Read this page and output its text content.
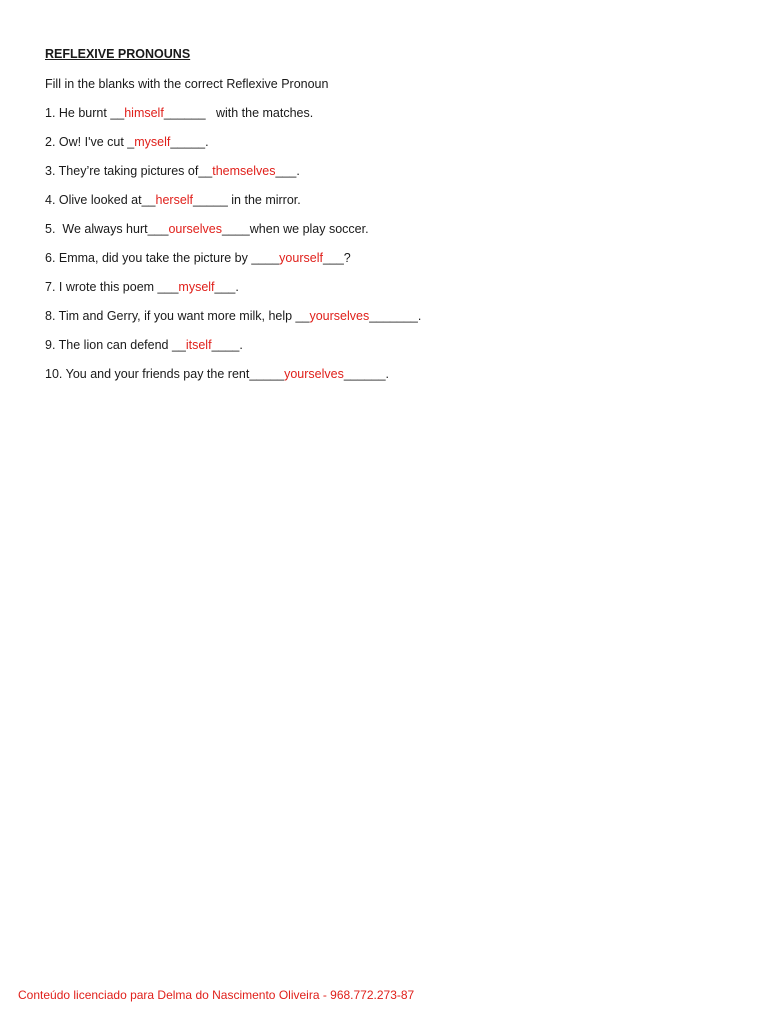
REFLEXIVE PRONOUNS
Fill in the blanks with the correct Reflexive Pronoun
1. He burnt __himself______   with the matches.
2. Ow! I've cut _myself_____.
3. They’re taking pictures of__themselves___.
4. Olive looked at__herself_____ in the mirror.
5.  We always hurt___ourselves____when we play soccer.
6. Emma, did you take the picture by ____yourself___?
7. I wrote this poem ___myself___.
8. Tim and Gerry, if you want more milk, help __yourselves_______.
9. The lion can defend __itself____.
10. You and your friends pay the rent_____yourselves______.
Conteúdo licenciado para Delma do Nascimento Oliveira - 968.772.273-87
